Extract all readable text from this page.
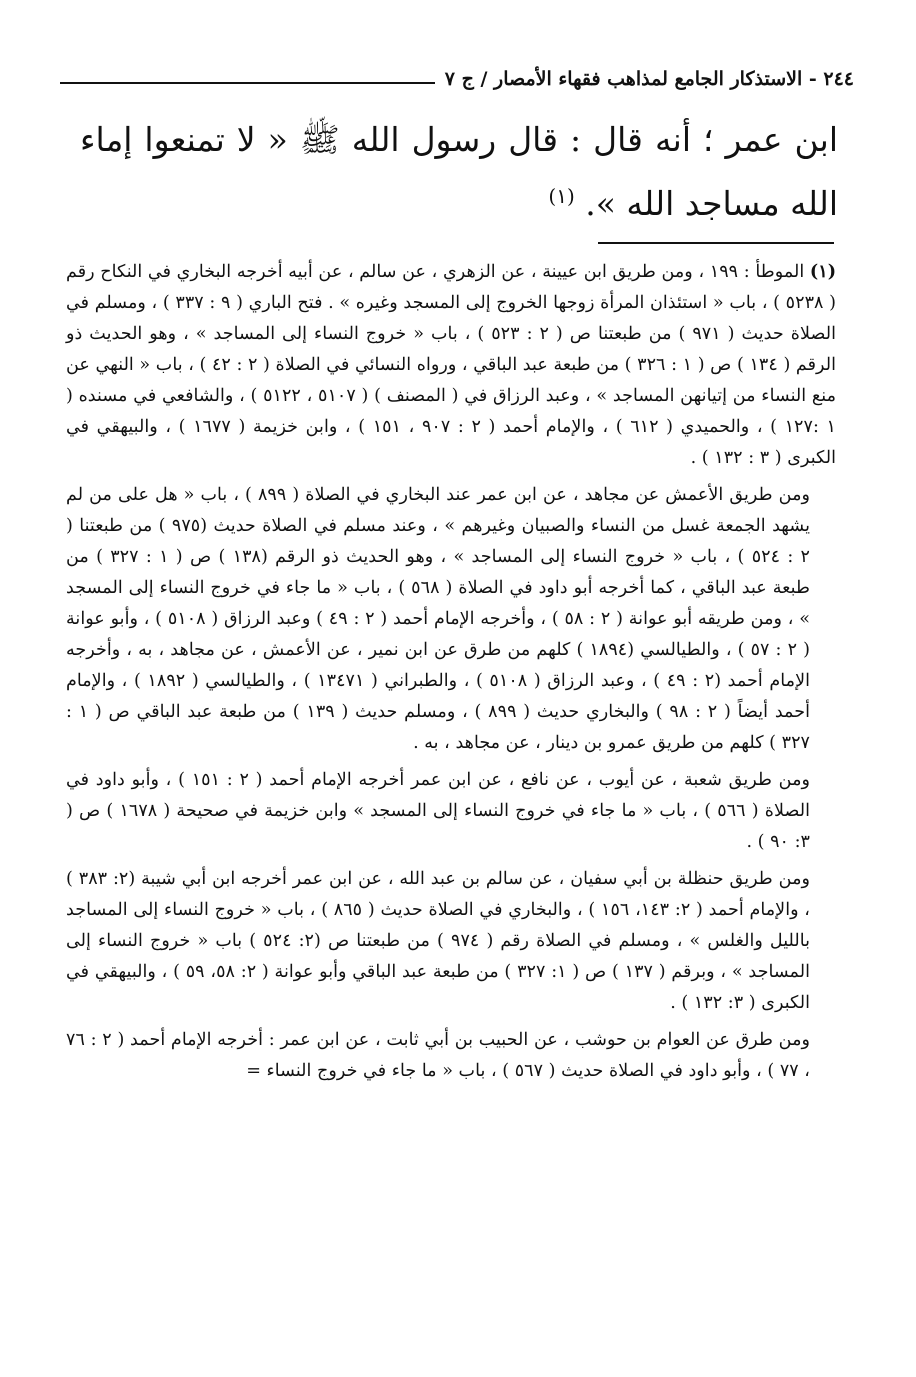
٢٤٤ - الاستذكار الجامع لمذاهب فقهاء الأمصار / ج ٧
ابن عمر ؛ أنه قال : قال رسول الله ﷺ « لا تمنعوا إماء الله مساجد الله ». $^{(١)}$

(١) الموطأ : ١٩٩ ، ومن طريق ابن عيينة ، عن الزهري ، عن سالم ، عن أبيه أخرجه البخاري في النكاح رقم ( ٥٢٣٨ ) ، باب « استئذان المرأة زوجها الخروج إلى المسجد وغيره » . فتح الباري ( ٩ : ٣٣٧ ) ، ومسلم في الصلاة حديث ( ٩٧١ ) من طبعتنا ص ( ٢ : ٥٢٣ ) ، باب « خروج النساء إلى المساجد » ، وهو الحديث ذو الرقم ( ١٣٤ ) ص ( ١ : ٣٢٦ ) من طبعة عبد الباقي ، ورواه النسائي في الصلاة ( ٢ : ٤٢ ) ، باب « النهي عن منع النساء من إتيانهن المساجد » ، وعبد الرزاق في ( المصنف ) ( ٥١٠٧ ، ٥١٢٢ ) ، والشافعي في مسنده ( ١ :١٢٧ ) ، والحميدي ( ٦١٢ ) ، والإمام أحمد ( ٢ : ٩٠٧ ، ١٥١ ) ، وابن خزيمة ( ١٦٧٧ ) ، والبيهقي في الكبرى ( ٣ : ١٣٢ ) .

ومن طريق الأعمش عن مجاهد ، عن ابن عمر عند البخاري في الصلاة ( ٨٩٩ ) ، باب « هل على من لم يشهد الجمعة غسل من النساء والصبيان وغيرهم » ، وعند مسلم في الصلاة حديث (٩٧٥ ) من طبعتنا ( ٢ : ٥٢٤ ) ، باب « خروج النساء إلى المساجد » ، وهو الحديث ذو الرقم (١٣٨ ) ص ( ١ : ٣٢٧ ) من طبعة عبد الباقي ، كما أخرجه أبو داود في الصلاة ( ٥٦٨ ) ، باب « ما جاء في خروج النساء إلى المسجد » ، ومن طريقه أبو عوانة ( ٢ : ٥٨ ) ، وأخرجه الإمام أحمد ( ٢ : ٤٩ ) وعبد الرزاق ( ٥١٠٨ ) ، وأبو عوانة ( ٢ : ٥٧ ) ، والطيالسي (١٨٩٤ ) كلهم من طرق عن ابن نمير ، عن الأعمش ، عن مجاهد ، به ، وأخرجه الإمام أحمد (٢ : ٤٩ ) ، وعبد الرزاق ( ٥١٠٨ ) ، والطبراني ( ١٣٤٧١ ) ، والطيالسي ( ١٨٩٢ ) ، والإمام أحمد أيضاً ( ٢ : ٩٨ ) والبخاري حديث ( ٨٩٩ ) ، ومسلم حديث ( ١٣٩ ) من طبعة عبد الباقي ص ( ١ : ٣٢٧ ) كلهم من طريق عمرو بن دينار ، عن مجاهد ، به .

ومن طريق شعبة ، عن أيوب ، عن نافع ، عن ابن عمر أخرجه الإمام أحمد ( ٢ : ١٥١ ) ، وأبو داود في الصلاة ( ٥٦٦ ) ، باب « ما جاء في خروج النساء إلى المسجد » وابن خزيمة في صحيحة ( ١٦٧٨ ) ص ( ٣: ٩٠ ) .

ومن طريق حنظلة بن أبي سفيان ، عن سالم بن عبد الله ، عن ابن عمر أخرجه ابن أبي شيبة (٢: ٣٨٣ ) ، والإمام أحمد ( ٢: ١٤٣، ١٥٦ ) ، والبخاري في الصلاة حديث ( ٨٦٥ ) ، باب « خروج النساء إلى المساجد بالليل والغلس » ، ومسلم في الصلاة رقم ( ٩٧٤ ) من طبعتنا ص (٢: ٥٢٤ ) باب « خروج النساء إلى المساجد » ، وبرقم ( ١٣٧ ) ص ( ١: ٣٢٧ ) من طبعة عبد الباقي وأبو عوانة ( ٢: ٥٨، ٥٩ ) ، والبيهقي في الكبرى ( ٣: ١٣٢ ) .

ومن طرق عن العوام بن حوشب ، عن الحبيب بن أبي ثابت ، عن ابن عمر : أخرجه الإمام أحمد ( ٢ : ٧٦ ، ٧٧ ) ، وأبو داود في الصلاة حديث ( ٥٦٧ ) ، باب « ما جاء في خروج النساء =
